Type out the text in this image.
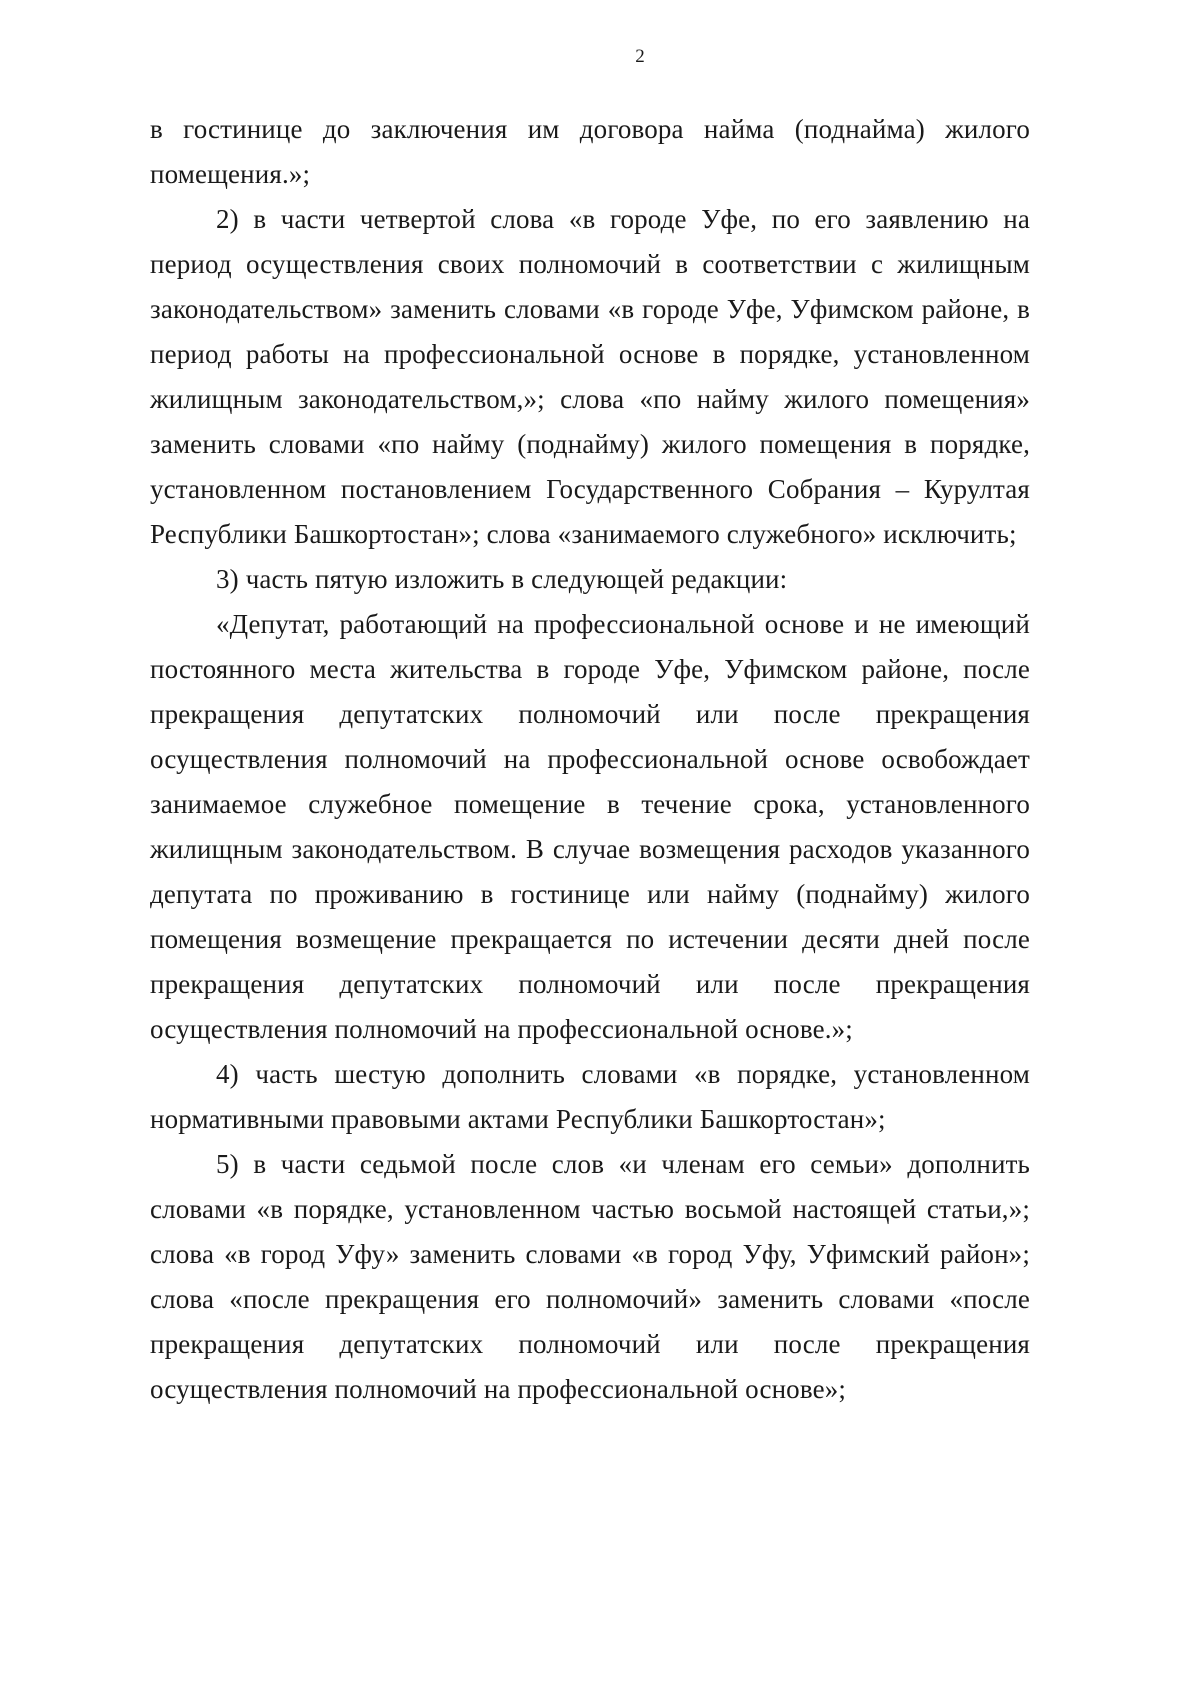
2

в гостинице до заключения им договора найма (поднайма) жилого помещения.»;

2) в части четвертой слова «в городе Уфе, по его заявлению на период осуществления своих полномочий в соответствии с жилищным законодательством» заменить словами «в городе Уфе, Уфимском районе, в период работы на профессиональной основе в порядке, установленном жилищным законодательством,»; слова «по найму жилого помещения» заменить словами «по найму (поднайму) жилого помещения в порядке, установленном постановлением Государственного Собрания – Курултая Республики Башкортостан»; слова «занимаемого служебного» исключить;

3) часть пятую изложить в следующей редакции:

«Депутат, работающий на профессиональной основе и не имеющий постоянного места жительства в городе Уфе, Уфимском районе, после прекращения депутатских полномочий или после прекращения осуществления полномочий на профессиональной основе освобождает занимаемое служебное помещение в течение срока, установленного жилищным законодательством. В случае возмещения расходов указанного депутата по проживанию в гостинице или найму (поднайму) жилого помещения возмещение прекращается по истечении десяти дней после прекращения депутатских полномочий или после прекращения осуществления полномочий на профессиональной основе.»;

4) часть шестую дополнить словами «в порядке, установленном нормативными правовыми актами Республики Башкортостан»;

5) в части седьмой после слов «и членам его семьи» дополнить словами «в порядке, установленном частью восьмой настоящей статьи,»; слова «в город Уфу» заменить словами «в город Уфу, Уфимский район»; слова «после прекращения его полномочий» заменить словами «после прекращения депутатских полномочий или после прекращения осуществления полномочий на профессиональной основе»;
